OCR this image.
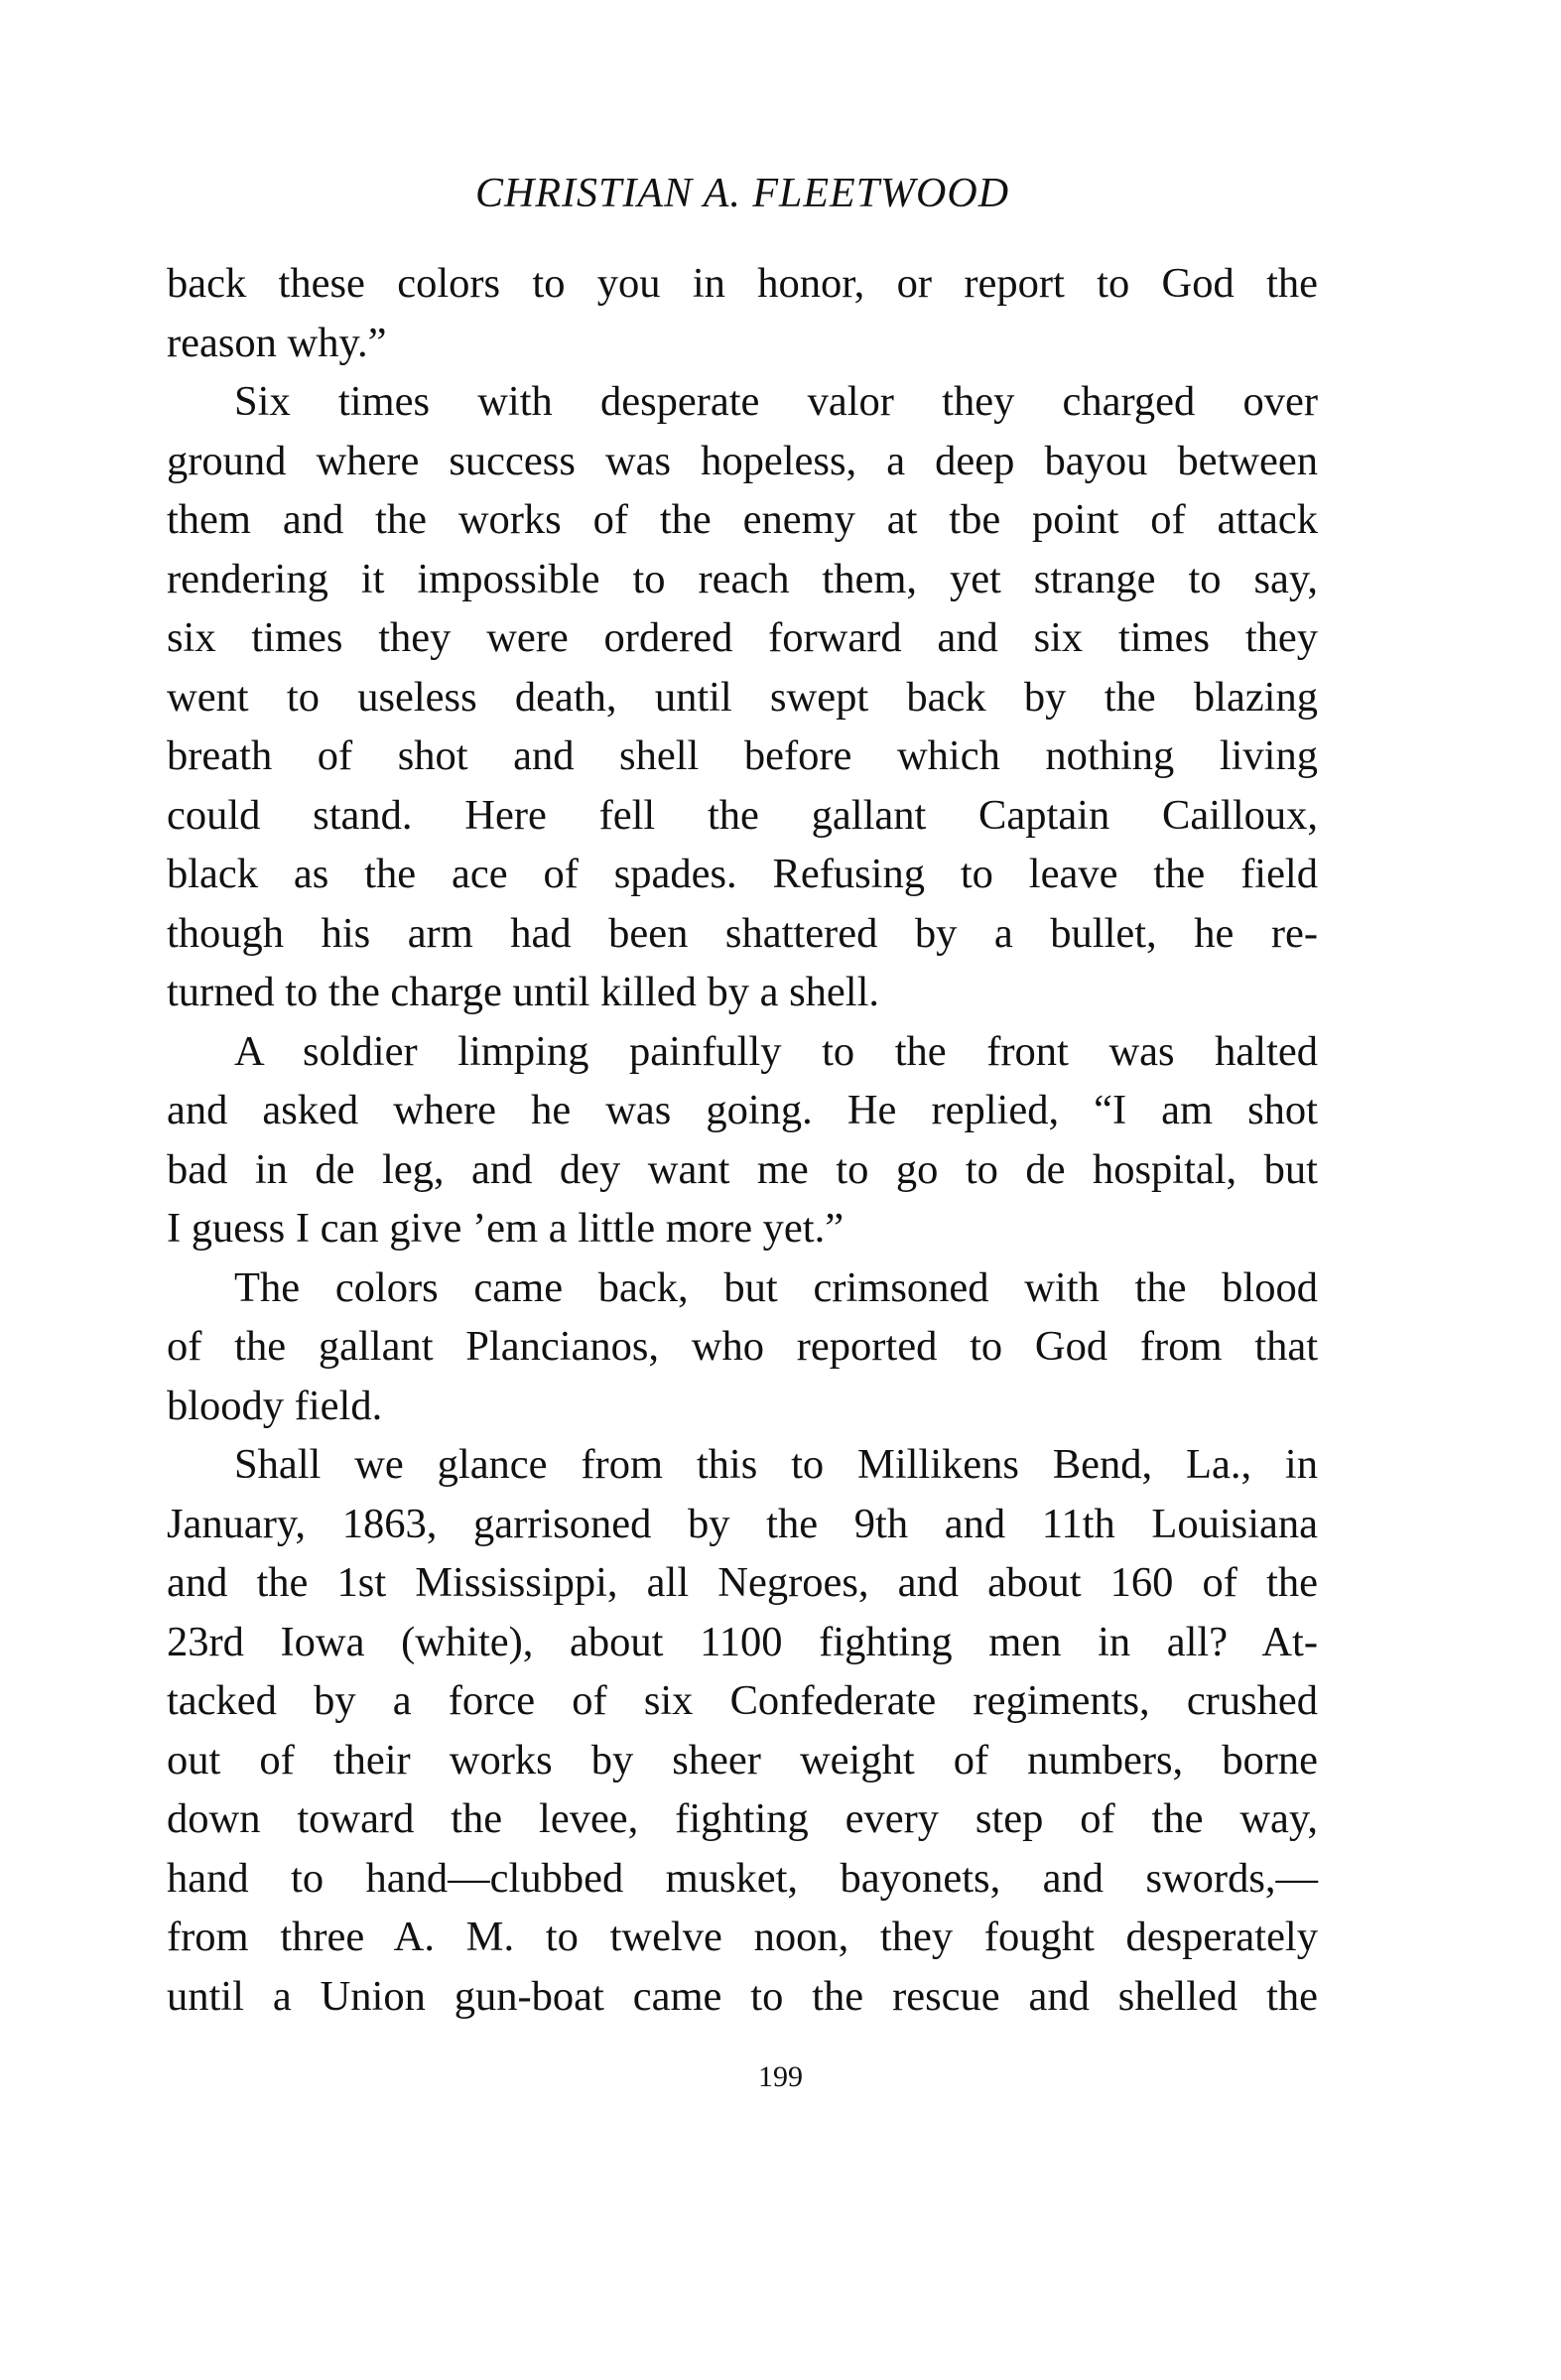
CHRISTIAN A. FLEETWOOD
back these colors to you in honor, or report to God the
reason why.”
Six times with desperate valor they charged over
ground where success was hopeless, a deep bayou between
them and the works of the enemy at tbe point of attack
rendering it impossible to reach them, yet strange to say,
six times they were ordered forward and six times they
went to useless death, until swept back by the blazing
breath of shot and shell before which nothing living
could stand. Here fell the gallant Captain Cailloux,
black as the ace of spades. Refusing to leave the field
though his arm had been shattered by a bullet, he re-
turned to the charge until killed by a shell.
A soldier limping painfully to the front was halted
and asked where he was going. He replied, “I am shot
bad in de leg, and dey want me to go to de hospital, but
I guess I can give ’em a little more yet.”
The colors came back, but crimsoned with the blood
of the gallant Plancianos, who reported to God from that
bloody field.
Shall we glance from this to Millikens Bend, La., in
January, 1863, garrisoned by the 9th and 11th Louisiana
and the 1st Mississippi, all Negroes, and about 160 of the
23rd Iowa (white), about 1100 fighting men in all? At-
tacked by a force of six Confederate regiments, crushed
out of their works by sheer weight of numbers, borne
down toward the levee, fighting every step of the way,
hand to hand—clubbed musket, bayonets, and swords,—
from three A. M. to twelve noon, they fought desperately
until a Union gun-boat came to the rescue and shelled the
199
